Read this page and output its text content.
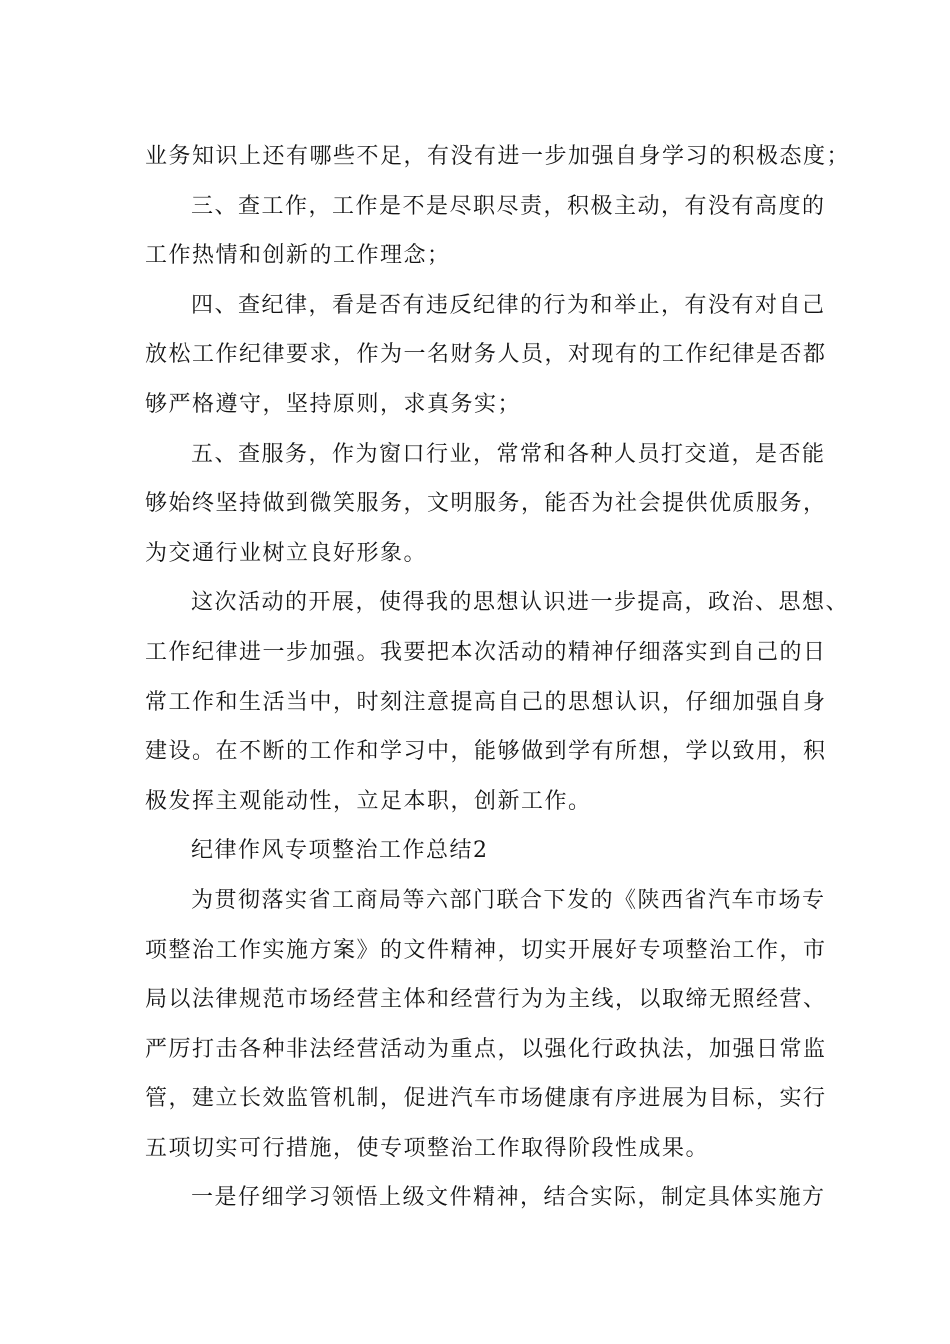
业务知识上还有哪些不足，有没有进一步加强自身学习的积极态度；
三、查工作，工作是不是尽职尽责，积极主动，有没有高度的
工作热情和创新的工作理念；
四、查纪律，看是否有违反纪律的行为和举止，有没有对自己
放松工作纪律要求，作为一名财务人员，对现有的工作纪律是否都
够严格遵守，坚持原则，求真务实；
五、查服务，作为窗口行业，常常和各种人员打交道，是否能
够始终坚持做到微笑服务，文明服务，能否为社会提供优质服务，
为交通行业树立良好形象。
这次活动的开展，使得我的思想认识进一步提高，政治、思想、
工作纪律进一步加强。我要把本次活动的精神仔细落实到自己的日
常工作和生活当中，时刻注意提高自己的思想认识，仔细加强自身
建设。在不断的工作和学习中，能够做到学有所想，学以致用，积
极发挥主观能动性，立足本职，创新工作。
纪律作风专项整治工作总结2
为贯彻落实省工商局等六部门联合下发的《陕西省汽车市场专
项整治工作实施方案》的文件精神，切实开展好专项整治工作，市
局以法律规范市场经营主体和经营行为为主线，以取缔无照经营、
严厉打击各种非法经营活动为重点，以强化行政执法，加强日常监
管，建立长效监管机制，促进汽车市场健康有序进展为目标，实行
五项切实可行措施，使专项整治工作取得阶段性成果。
一是仔细学习领悟上级文件精神，结合实际，制定具体实施方
